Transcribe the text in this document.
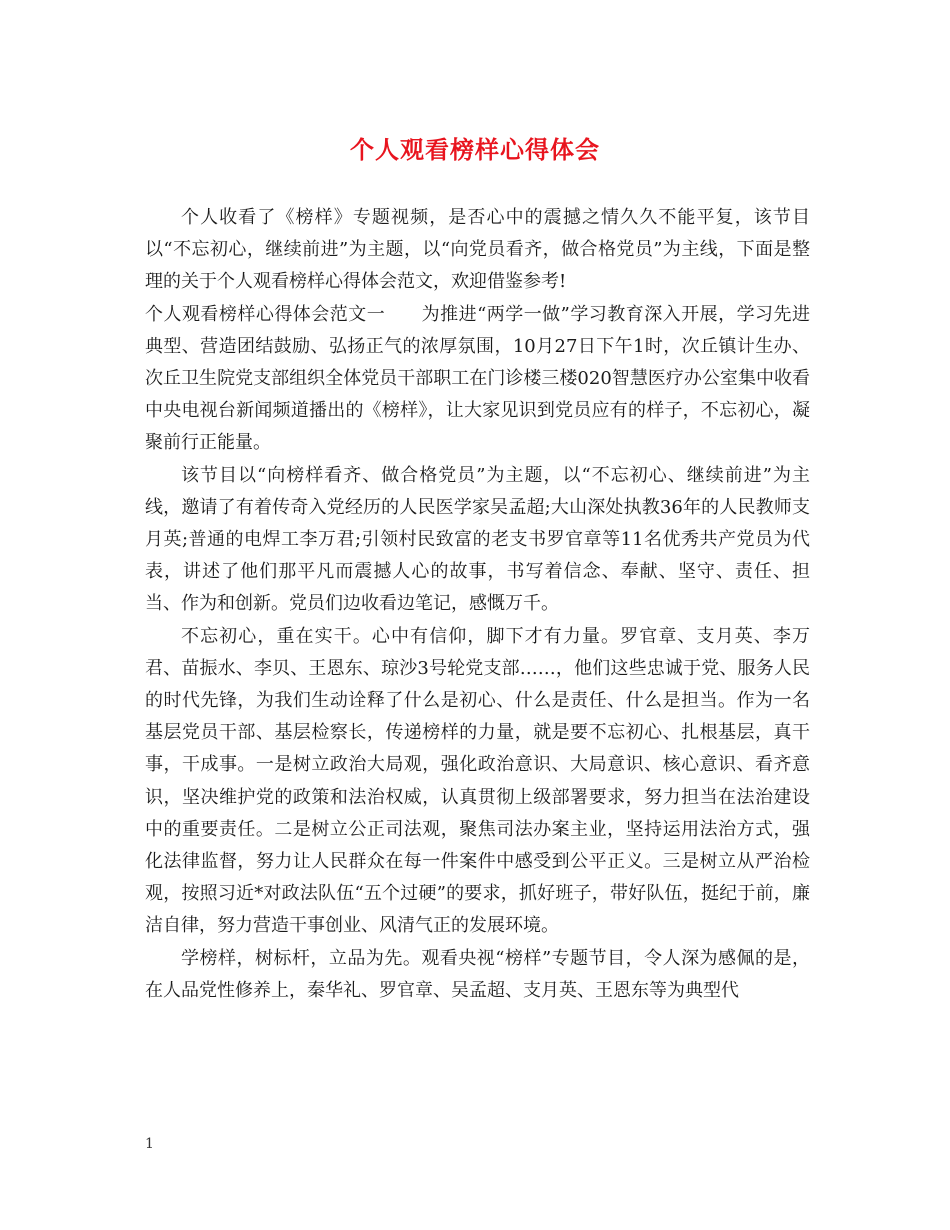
个人观看榜样心得体会

个人收看了《榜样》专题视频，是否心中的震撼之情久久不能平复，该节目以“不忘初心，继续前进”为主题，以“向党员看齐，做合格党员”为主线，下面是整理的关于个人观看榜样心得体会范文，欢迎借鉴参考!

个人观看榜样心得体会范文一 为推进“两学一做”学习教育深入开展，学习先进典型、营造团结鼓励、弘扬正气的浓厚氛围，10月27日下午1时，次丘镇计生办、次丘卫生院党支部组织全体党员干部职工在门诊楼三楼020智慧医疗办公室集中收看中央电视台新闻频道播出的《榜样》，让大家见识到党员应有的样子，不忘初心，凝聚前行正能量。

该节目以“向榜样看齐、做合格党员”为主题，以“不忘初心、继续前进”为主线，邀请了有着传奇入党经历的人民医学家吴孟超;大山深处执教36年的人民教师支月英;普通的电焊工李万君;引领村民致富的老支书罗官章等11名优秀共产党员为代表，讲述了他们那平凡而震撼人心的故事，书写着信念、奉献、坚守、责任、担当、作为和创新。党员们边收看边笔记，感慨万千。

不忘初心，重在实干。心中有信仰，脚下才有力量。罗官章、支月英、李万君、苗振水、李贝、王恩东、琼沙3号轮党支部……，他们这些忠诚于党、服务人民的时代先锋，为我们生动诠释了什么是初心、什么是责任、什么是担当。作为一名基层党员干部、基层检察长，传递榜样的力量，就是要不忘初心、扎根基层，真干事，干成事。一是树立政治大局观，强化政治意识、大局意识、核心意识、看齐意识，坚决维护党的政策和法治权威，认真贯彻上级部署要求，努力担当在法治建设中的重要责任。二是树立公正司法观，聚焦司法办案主业，坚持运用法治方式，强化法律监督，努力让人民群众在每一件案件中感受到公平正义。三是树立从严治检观，按照习近*对政法队伍“五个过硬”的要求，抓好班子，带好队伍，挺纪于前，廉洁自律，努力营造干事创业、风清气正的发展环境。

学榜样，树标杆，立品为先。观看央视“榜样”专题节目，令人深为感佩的是，在人品党性修养上，秦华礼、罗官章、吴孟超、支月英、王恩东等为典型代

1
